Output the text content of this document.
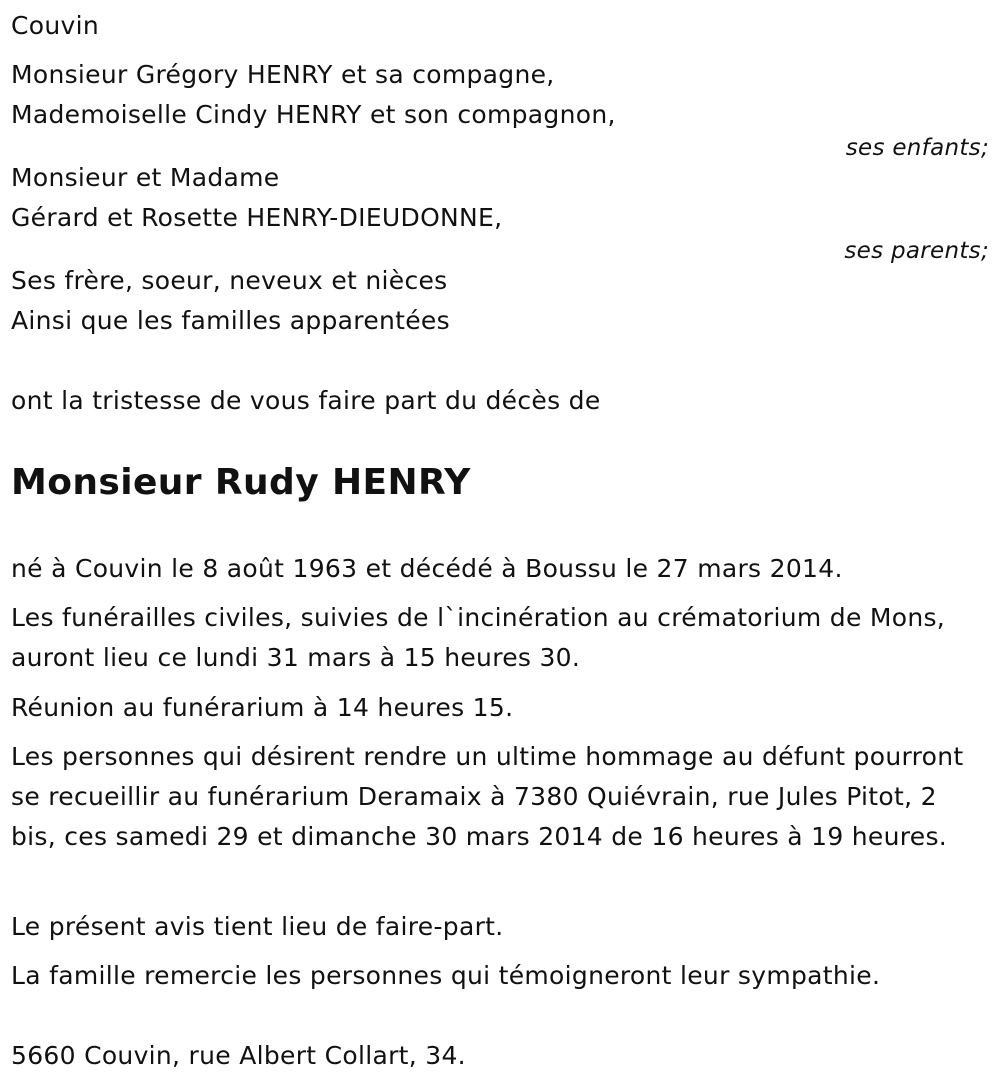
Couvin
Monsieur Grégory HENRY et sa compagne,
Mademoiselle Cindy HENRY et son compagnon,
ses enfants;
Monsieur et Madame
Gérard et Rosette HENRY-DIEUDONNE,
ses parents;
Ses frère, soeur, neveux et nièces
Ainsi que les familles apparentées
ont la tristesse de vous faire part du décès de
Monsieur Rudy HENRY
né à Couvin le 8 août 1963 et décédé à Boussu le 27 mars 2014.

Les funérailles civiles, suivies de l`incinération au crématorium de Mons, auront lieu ce lundi 31 mars à 15 heures 30.

Réunion au funérarium à 14 heures 15.

Les personnes qui désirent rendre un ultime hommage au défunt pourront se recueillir au funérarium Deramaix à 7380 Quiévrain, rue Jules Pitot, 2 bis, ces samedi 29 et dimanche 30 mars 2014 de 16 heures à 19 heures.

Le présent avis tient lieu de faire-part.
La famille remercie les personnes qui témoigneront leur sympathie.
5660 Couvin, rue Albert Collart, 34.
